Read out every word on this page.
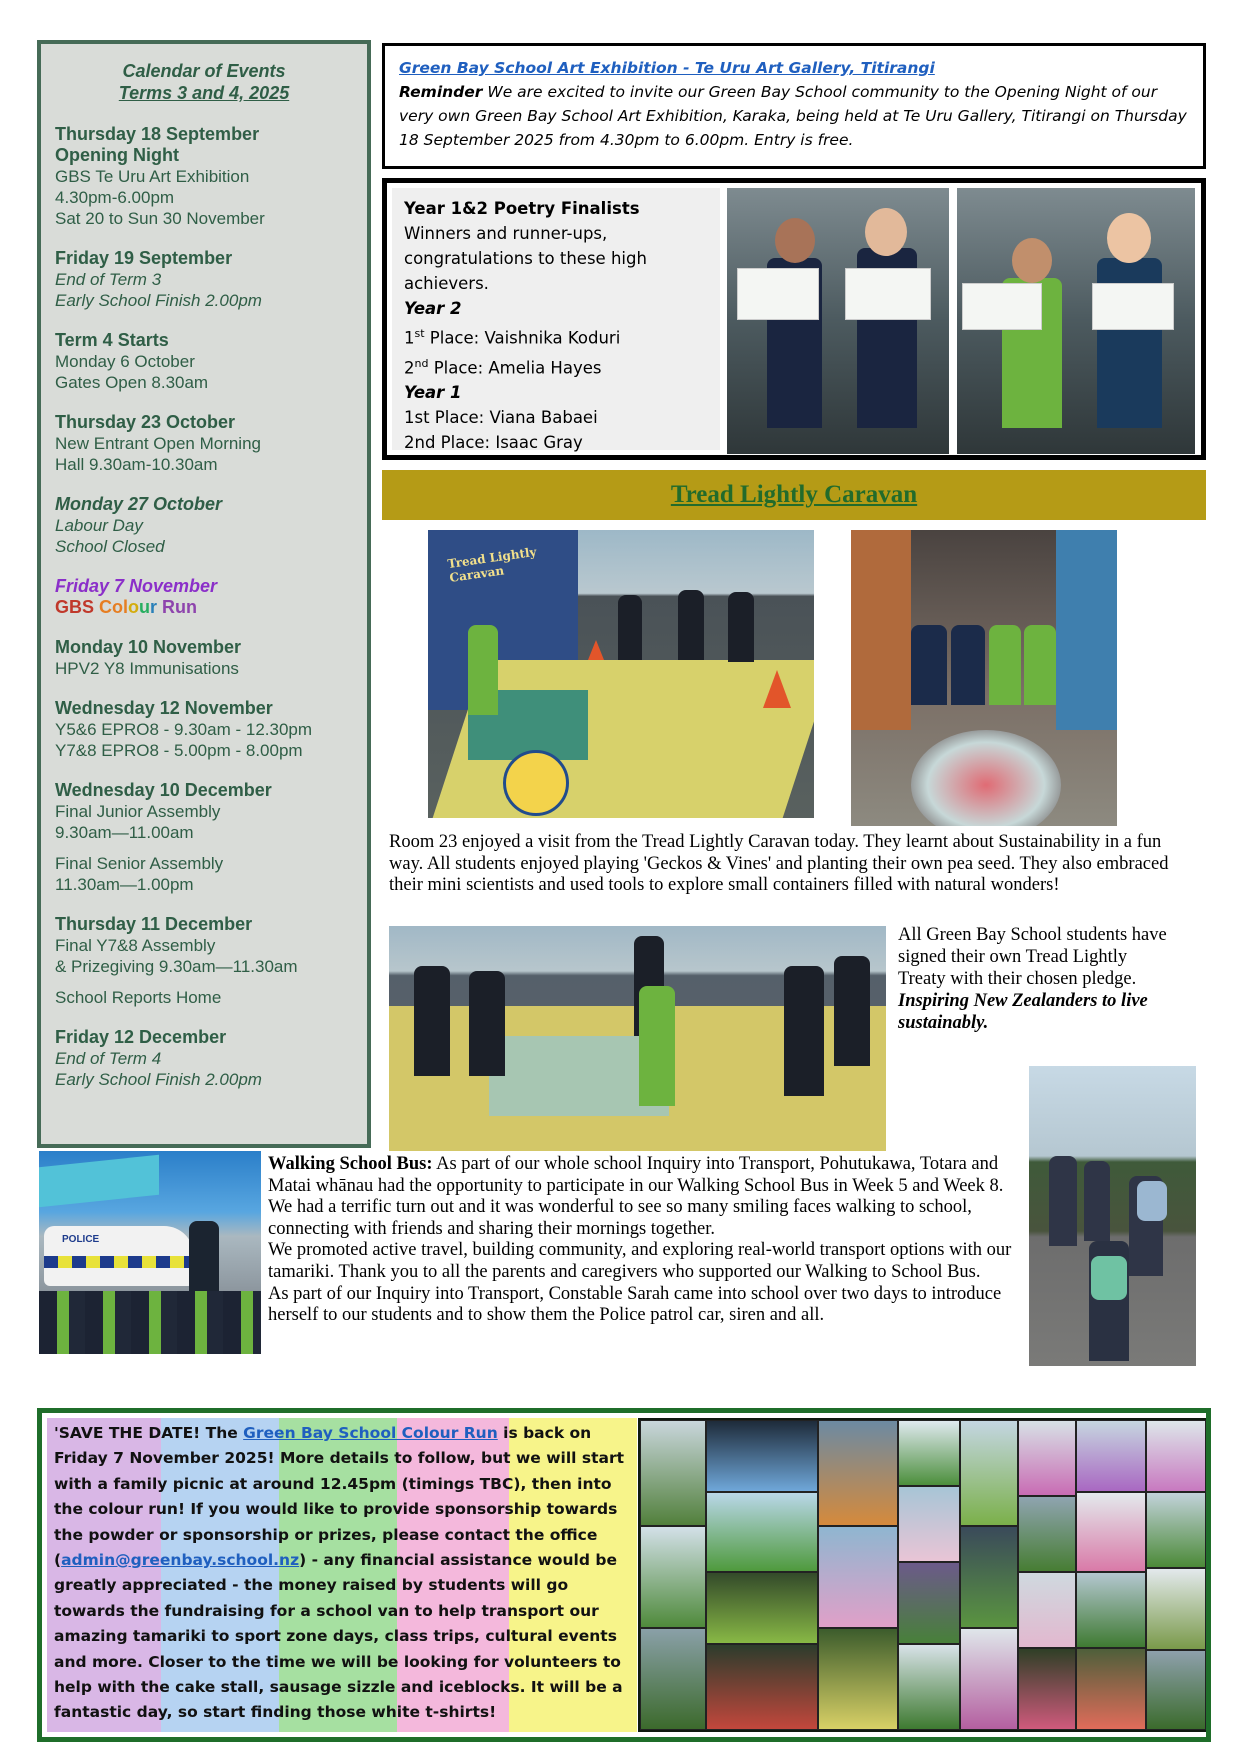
Calendar of Events
Terms 3 and 4, 2025
Thursday 18 September
Opening Night
GBS Te Uru Art Exhibition
4.30pm-6.00pm
Sat 20 to Sun 30 November
Friday 19 September
End of Term 3
Early School Finish 2.00pm
Term 4 Starts
Monday 6 October
Gates Open 8.30am
Thursday 23 October
New Entrant Open Morning
Hall 9.30am-10.30am
Monday 27 October
Labour Day
School Closed
Friday 7 November
GBS Colour Run
Monday 10 November
HPV2 Y8 Immunisations
Wednesday 12 November
Y5&6 EPRO8 - 9.30am - 12.30pm
Y7&8 EPRO8 - 5.00pm - 8.00pm
Wednesday 10 December
Final Junior Assembly
9.30am—11.00am
Final Senior Assembly
11.30am—1.00pm
Thursday 11 December
Final Y7&8 Assembly
& Prizegiving 9.30am—11.30am
School Reports Home
Friday 12 December
End of Term 4
Early School Finish 2.00pm
Green Bay School Art Exhibition - Te Uru Art Gallery, Titirangi
Reminder We are excited to invite our Green Bay School community to the Opening Night of our very own Green Bay School Art Exhibition, Karaka, being held at Te Uru Gallery, Titirangi on Thursday 18 September 2025 from 4.30pm to 6.00pm. Entry is free.
Year 1&2 Poetry Finalists
Winners and runner-ups, congratulations to these high achievers.
Year 2
1st Place: Vaishnika Koduri
2nd Place: Amelia Hayes
Year 1
1st Place: Viana Babaei
2nd Place: Isaac Gray
Tread Lightly Caravan
Tread Lightly Caravan
Room 23 enjoyed a visit from the Tread Lightly Caravan today. They learnt about Sustainability in a fun way. All students enjoyed playing 'Geckos & Vines' and planting their own pea seed. They also embraced their mini scientists and used tools to explore small containers filled with natural wonders!
All Green Bay School students have signed their own Tread Lightly Treaty with their chosen pledge.
Inspiring New Zealanders to live sustainably.
POLICE
Walking School Bus: As part of our whole school Inquiry into Transport, Pohutukawa, Totara and Matai whānau had the opportunity to participate in our Walking School Bus in Week 5 and Week 8.
We had a terrific turn out and it was wonderful to see so many smiling faces walking to school, connecting with friends and sharing their mornings together.
We promoted active travel, building community, and exploring real-world transport options with our tamariki. Thank you to all the parents and caregivers who supported our Walking to School Bus.
As part of our Inquiry into Transport, Constable Sarah came into school over two days to introduce herself to our students and to show them the Police patrol car, siren and all.
'SAVE THE DATE! The Green Bay School Colour Run is back on Friday 7 November 2025! More details to follow, but we will start with a family picnic at around 12.45pm (timings TBC), then into the colour run! If you would like to provide sponsorship towards the powder or sponsorship or prizes, please contact the office (admin@greenbay.school.nz) - any financial assistance would be greatly appreciated - the money raised by students will go towards the fundraising for a school van to help transport our amazing tamariki to sport zone days, class trips, cultural events and more. Closer to the time we will be looking for volunteers to help with the cake stall, sausage sizzle and iceblocks. It will be a fantastic day, so start finding those white t-shirts!
